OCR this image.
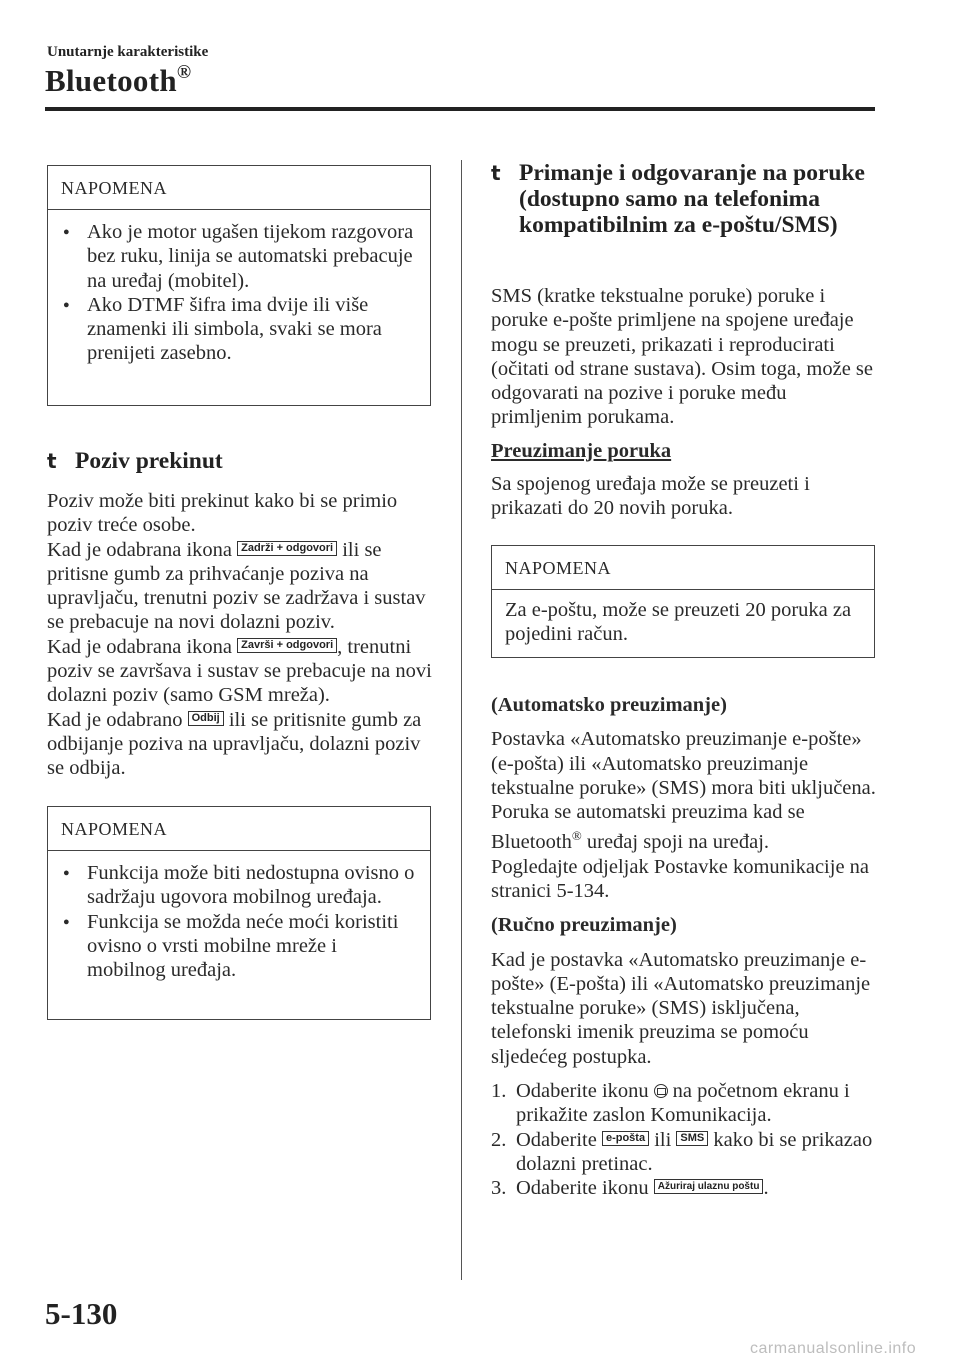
Unutarnje karakteristike
Bluetooth®
NAPOMENA
● Ako je motor ugašen tijekom razgovora bez ruku, linija se automatski prebacuje na uređaj (mobitel).
● Ako DTMF šifra ima dvije ili više znamenki ili simbola, svaki se mora prenijeti zasebno.
t Poziv prekinut

Poziv može biti prekinut kako bi se primio poziv treće osobe.

Kad je odabrana ikona Zadrži + odgovori ili se pritisne gumb za prihvaćanje poziva na upravljaču, trenutni poziv se zadržava i sustav se prebacuje na novi dolazni poziv.

Kad je odabrana ikona Završi + odgovori , trenutni poziv se završava i sustav se prebacuje na novi dolazni poziv (samo GSM mreža).

Kad je odabrano Odbij ili se pritisnite gumb za odbijanje poziva na upravljaču, dolazni poziv se odbija.

NAPOMENA
● Funkcija može biti nedostupna ovisno o sadržaju ugovora mobilnog uređaja.
● Funkcija se možda neće moći koristiti ovisno o vrsti mobilne mreže i mobilnog uređaja.
t Primanje i odgovaranje na poruke (dostupno samo na telefonima kompatibilnim za e-poštu/SMS)

SMS (kratke tekstualne poruke) poruke i poruke e-pošte primljene na spojene uređaje mogu se preuzeti, prikazati i reproducirati (očitati od strane sustava). Osim toga, može se odgovarati na pozive i poruke među primljenim porukama.

Preuzimanje poruka

Sa spojenog uređaja može se preuzeti i prikazati do 20 novih poruka.

NAPOMENA
Za e-poštu, može se preuzeti 20 poruka za pojedini račun.

(Automatsko preuzimanje)

Postavka «Automatsko preuzimanje e-pošte» (e-pošta) ili «Automatsko preuzimanje tekstualne poruke» (SMS) mora biti uključena. Poruka se automatski preuzima kad se Bluetooth® uređaj spoji na uređaj.

Pogledajte odjeljak Postavke komunikacije na stranici 5-134.

(Ručno preuzimanje)

Kad je postavka «Automatsko preuzimanje e-pošte» (E-pošta) ili «Automatsko preuzimanje tekstualne poruke» (SMS) isključena, telefonski imenik preuzima se pomoću sljedećeg postupka.

1. Odaberite ikonu na početnom ekranu i prikažite zaslon Komunikacija.
2. Odaberite e-pošta ili SMS kako bi se prikazao dolazni pretinac.
3. Odaberite ikonu Ažuriraj ulaznu poštu .
5-130
carmanualsonline.info
